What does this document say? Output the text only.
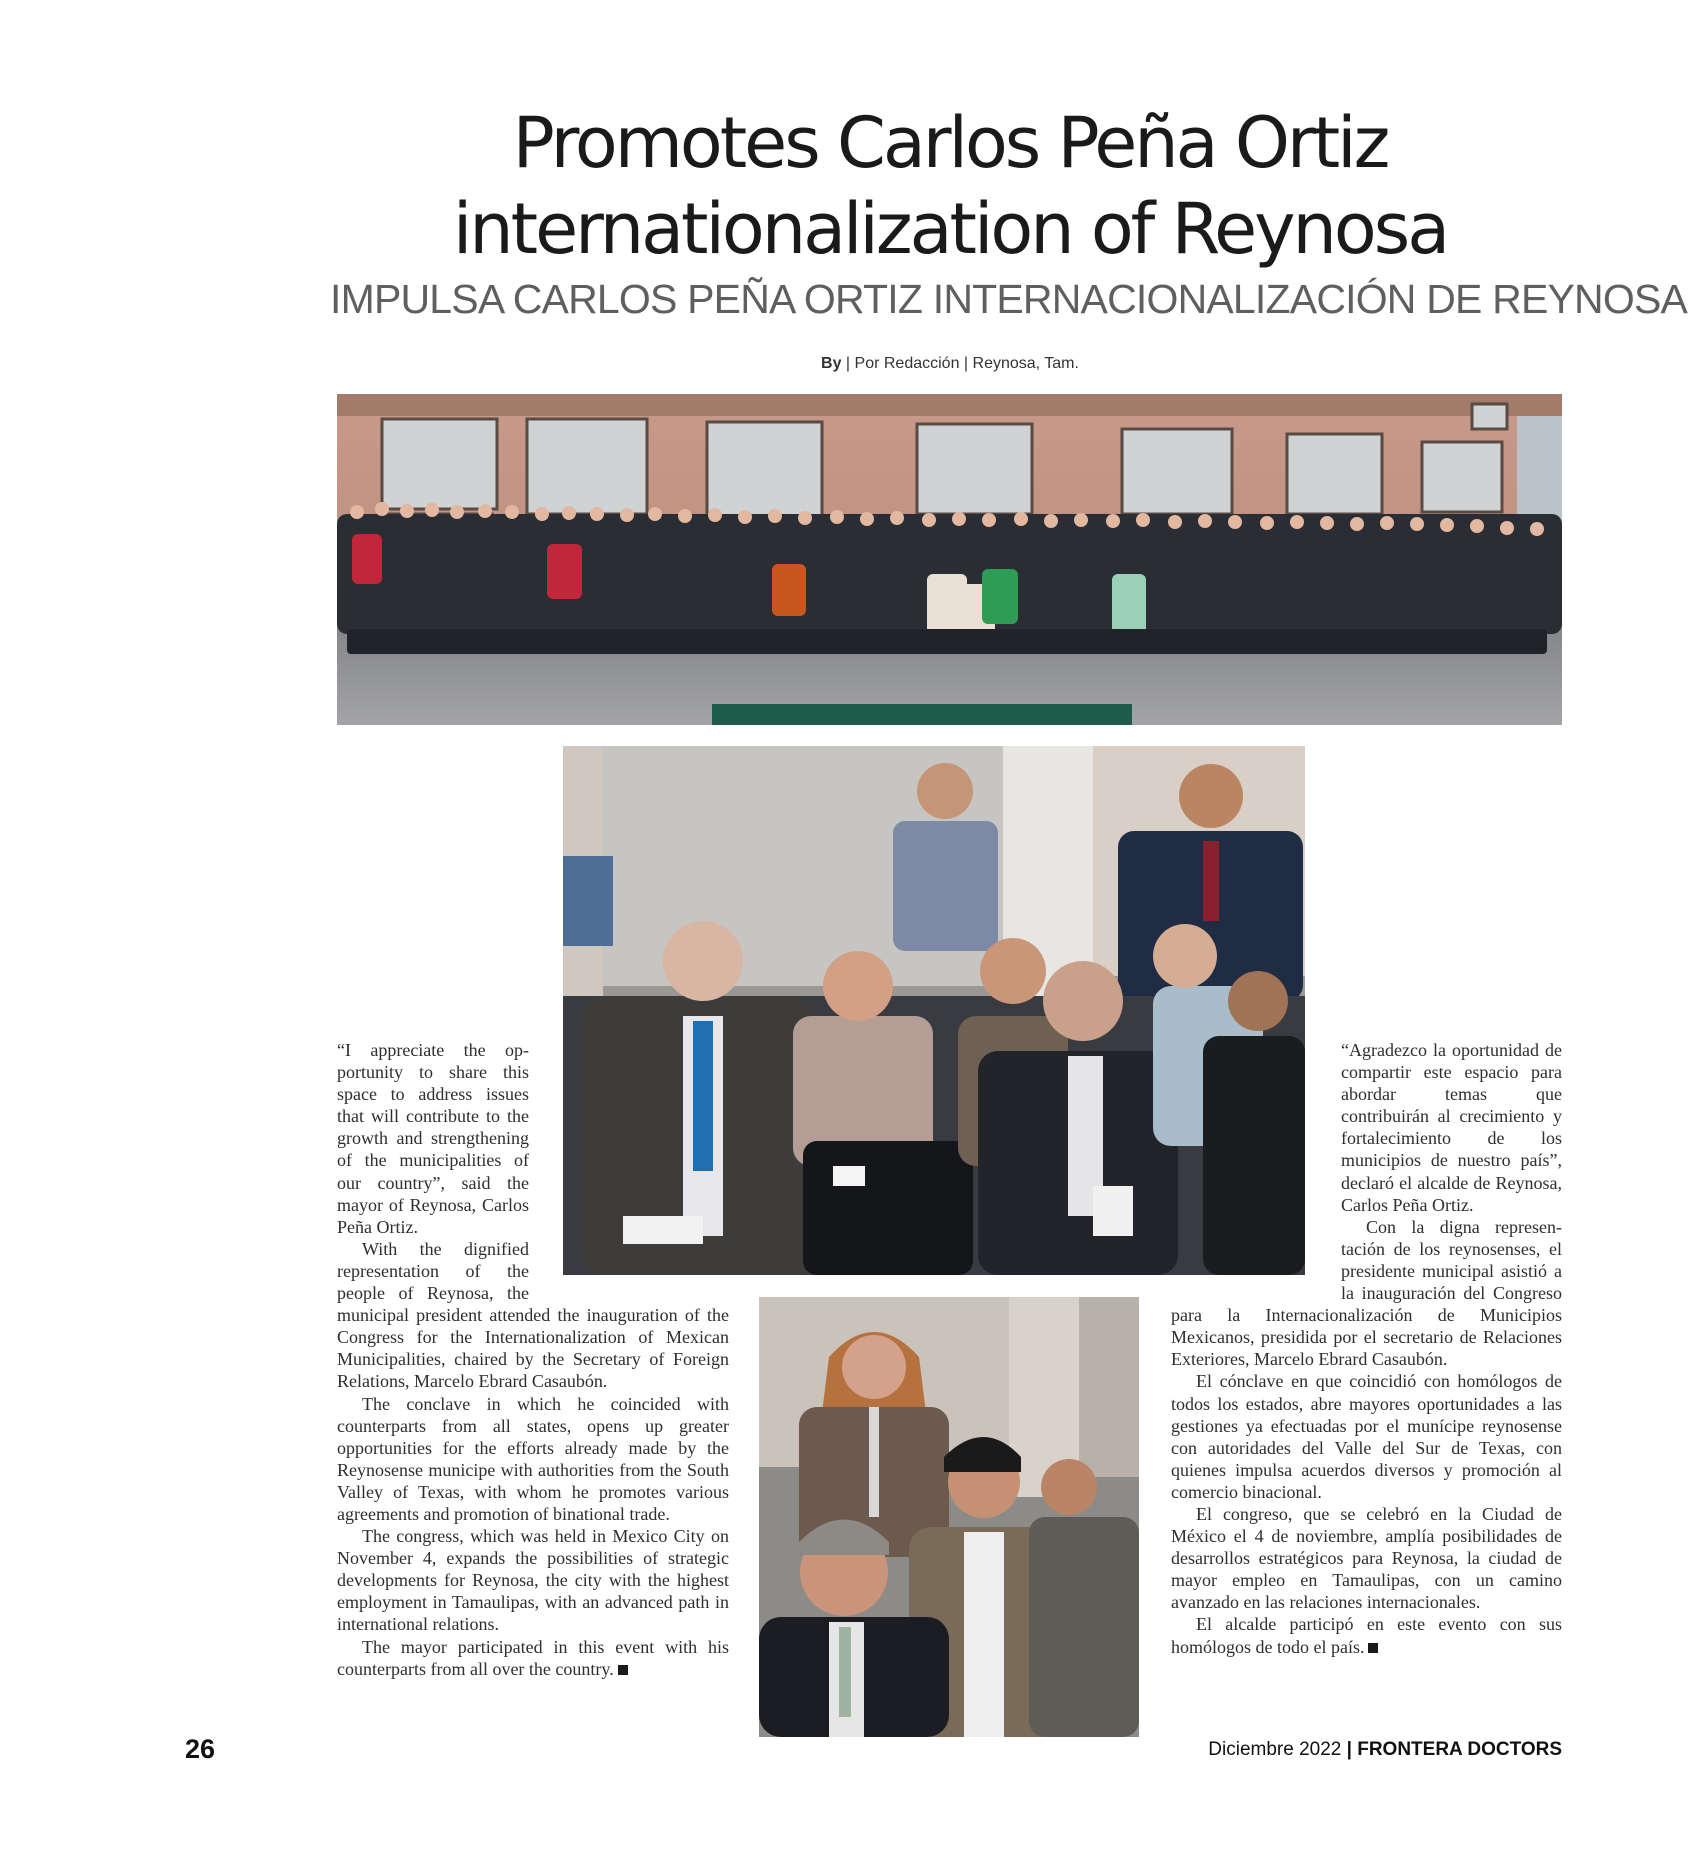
Promotes Carlos Peña Ortiz
internationalization of Reynosa
IMPULSA CARLOS PEÑA ORTIZ INTERNACIONALIZACIÓN DE REYNOSA
By | Por Redacción | Reynosa, Tam.

“I appreciate the opportunity to share this space to address issues that will contribute to the growth and strengthening of the municipalities of our country”, said the mayor of Reynosa, Carlos Peña Ortiz.

With the dignified representation of the people of Reynosa, the municipal president attended the inauguration of the Congress for the Internationalization of Mexican Municipalities, chaired by the Secretary of Foreign Relations, Marcelo Ebrard Casaubón.

The conclave in which he coincided with counterparts from all states, opens up greater opportunities for the efforts already made by the Reynosense municipe with authorities from the South Valley of Texas, with whom he promotes various agreements and promotion of binational trade.

The congress, which was held in Mexico City on November 4, expands the possibilities of strategic developments for Reynosa, the city with the highest employment in Tamaulipas, with an advanced path in international relations.

The mayor participated in this event with his counterparts from all over the country.

“Agradezco la oportunidad de compartir este espacio para abordar temas que contribuirán al crecimiento y fortalecimiento de los municipios de nuestro país”, declaró el alcalde de Reynosa, Carlos Peña Ortiz.

Con la digna representación de los reynosenses, el presidente municipal asistió a la inauguración del Congreso para la Internacionalización de Municipios Mexicanos, presidida por el secretario de Relaciones Exteriores, Marcelo Ebrard Casaubón.

El cónclave en que coincidió con homólogos de todos los estados, abre mayores oportunidades a las gestiones ya efectuadas por el munícipe reynosense con autoridades del Valle del Sur de Texas, con quienes impulsa acuerdos diversos y promoción al comercio binacional.

El congreso, que se celebró en la Ciudad de México el 4 de noviembre, amplía posibilidades de desarrollos estratégicos para Reynosa, la ciudad de mayor empleo en Tamaulipas, con un camino avanzado en las relaciones internacionales.

El alcalde participó en este evento con sus homólogos de todo el país.

26	Diciembre 2022 | FRONTERA DOCTORS
